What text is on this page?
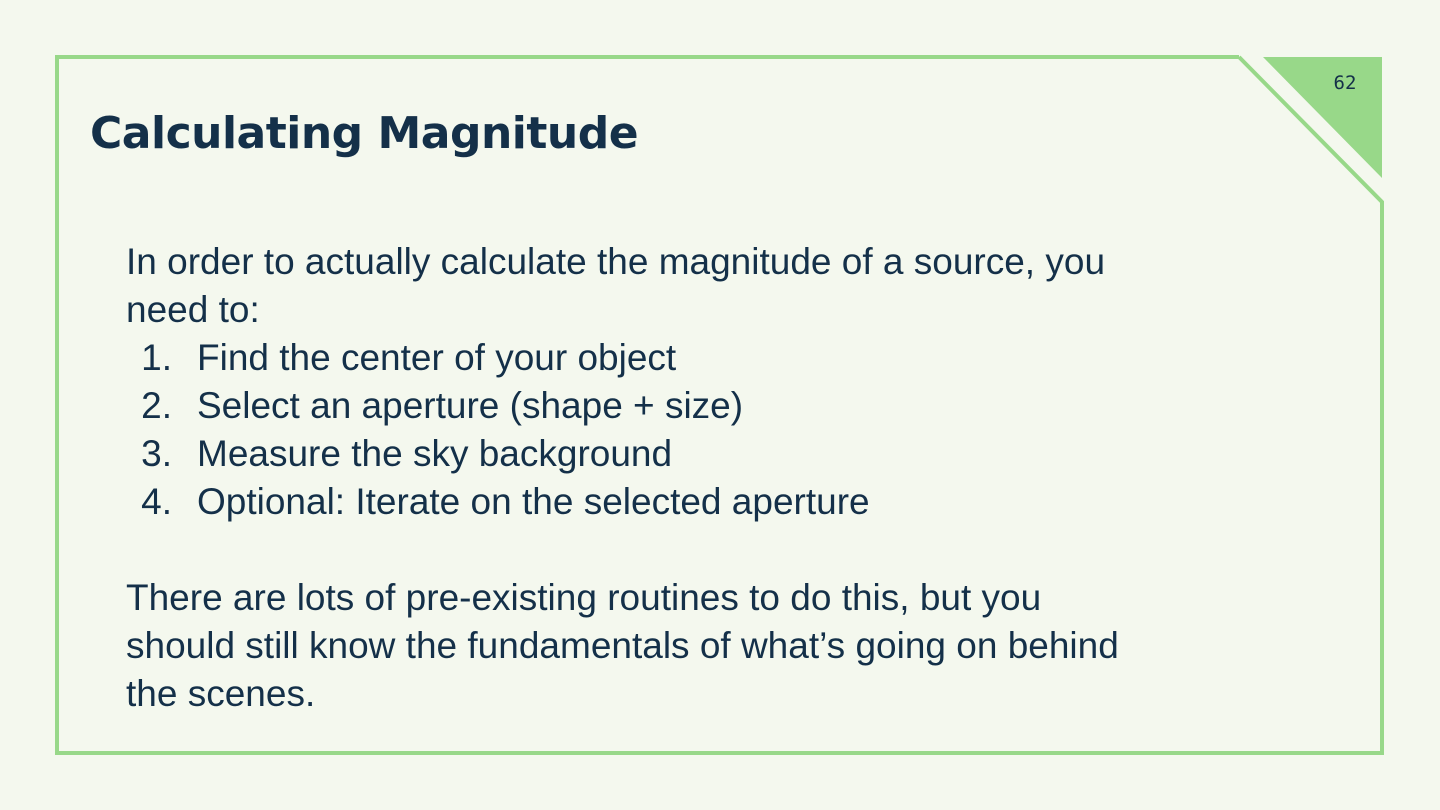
62
Calculating Magnitude

In order to actually calculate the magnitude of a source, you
need to:

1. Find the center of your object
2. Select an aperture (shape + size)
3. Measure the sky background
4. Optional: Iterate on the selected aperture

There are lots of pre-existing routines to do this, but you
should still know the fundamentals of what’s going on behind
the scenes.
